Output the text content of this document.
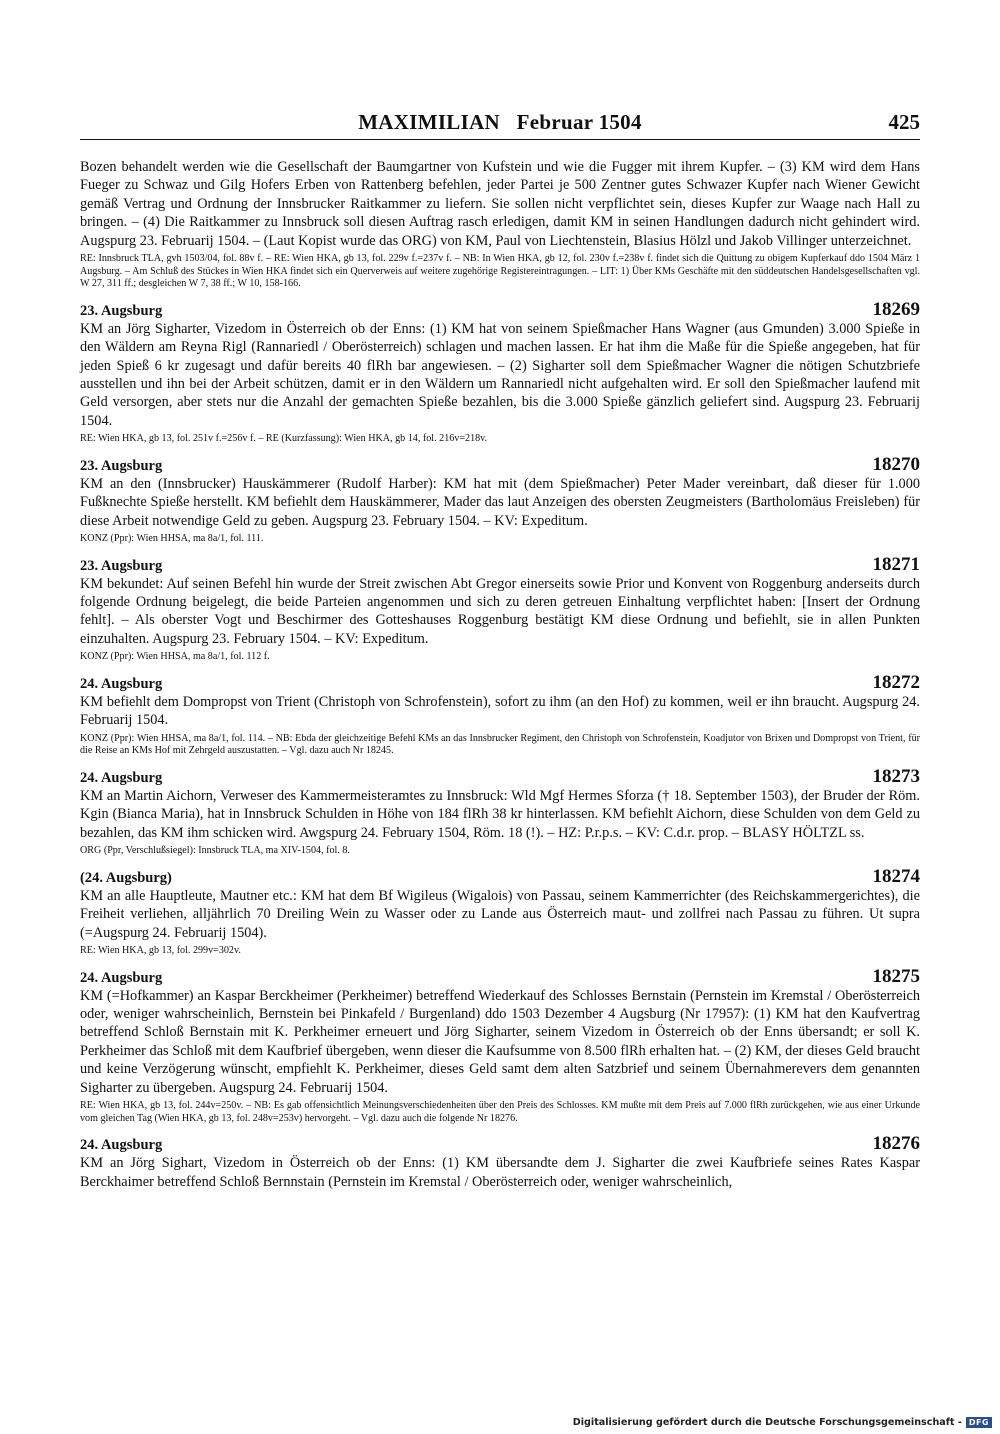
MAXIMILIAN   Februar 1504	425

Bozen behandelt werden wie die Gesellschaft der Baumgartner von Kufstein und wie die Fugger mit ihrem Kupfer. – (3) KM wird dem Hans Fueger zu Schwaz und Gilg Hofers Erben von Rattenberg befehlen, jeder Partei je 500 Zentner gutes Schwazer Kupfer nach Wiener Gewicht gemäß Vertrag und Ordnung der Innsbrucker Raitkammer zu liefern. Sie sollen nicht verpflichtet sein, dieses Kupfer zur Waage nach Hall zu bringen. – (4) Die Raitkammer zu Innsbruck soll diesen Auftrag rasch erledigen, damit KM in seinen Handlungen dadurch nicht gehindert wird. Augspurg 23. Februarij 1504. – (Laut Kopist wurde das ORG) von KM, Paul von Liechtenstein, Blasius Hölzl und Jakob Villinger unterzeichnet.

RE: Innsbruck TLA, gvh 1503/04, fol. 88v f. – RE: Wien HKA, gb 13, fol. 229v f.=237v f. – NB: In Wien HKA, gb 12, fol. 230v f.=238v f. findet sich die Quittung zu obigem Kupferkauf ddo 1504 März 1 Augsburg. – Am Schluß des Stückes in Wien HKA findet sich ein Querverweis auf weitere zugehörige Registereintragungen. – LIT: 1) Über KMs Geschäfte mit den süddeutschen Handelsgesellschaften vgl. W 27, 311 ff.; desgleichen W 7, 38 ff.; W 10, 158-166.

23. Augsburg	18269

KM an Jörg Sigharter, Vizedom in Österreich ob der Enns: (1) KM hat von seinem Spießmacher Hans Wagner (aus Gmunden) 3.000 Spieße in den Wäldern am Reyna Rigl (Rannariedl / Oberösterreich) schlagen und machen lassen. Er hat ihm die Maße für die Spieße angegeben, hat für jeden Spieß 6 kr zugesagt und dafür bereits 40 flRh bar angewiesen. – (2) Sigharter soll dem Spießmacher Wagner die nötigen Schutzbriefe ausstellen und ihn bei der Arbeit schützen, damit er in den Wäldern um Rannariedl nicht aufgehalten wird. Er soll den Spießmacher laufend mit Geld versorgen, aber stets nur die Anzahl der gemachten Spieße bezahlen, bis die 3.000 Spieße gänzlich geliefert sind. Augspurg 23. Februarij 1504.

RE: Wien HKA, gb 13, fol. 251v f.=256v f. – RE (Kurzfassung): Wien HKA, gb 14, fol. 216v=218v.

23. Augsburg	18270

KM an den (Innsbrucker) Hauskämmerer (Rudolf Harber): KM hat mit (dem Spießmacher) Peter Mader vereinbart, daß dieser für 1.000 Fußknechte Spieße herstellt. KM befiehlt dem Hauskämmerer, Mader das laut Anzeigen des obersten Zeugmeisters (Bartholomäus Freisleben) für diese Arbeit notwendige Geld zu geben. Augspurg 23. February 1504. – KV: Expeditum.

KONZ (Ppr): Wien HHSA, ma 8a/1, fol. 111.

23. Augsburg	18271

KM bekundet: Auf seinen Befehl hin wurde der Streit zwischen Abt Gregor einerseits sowie Prior und Konvent von Roggenburg anderseits durch folgende Ordnung beigelegt, die beide Parteien angenommen und sich zu deren getreuen Einhaltung verpflichtet haben: [Insert der Ordnung fehlt]. – Als oberster Vogt und Beschirmer des Gotteshauses Roggenburg bestätigt KM diese Ordnung und befiehlt, sie in allen Punkten einzuhalten. Augspurg 23. February 1504. – KV: Expeditum.

KONZ (Ppr): Wien HHSA, ma 8a/1, fol. 112 f.

24. Augsburg	18272

KM befiehlt dem Dompropst von Trient (Christoph von Schrofenstein), sofort zu ihm (an den Hof) zu kommen, weil er ihn braucht. Augspurg 24. Februarij 1504.

KONZ (Ppr): Wien HHSA, ma 8a/1, fol. 114. – NB: Ebda der gleichzeitige Befehl KMs an das Innsbrucker Regiment, den Christoph von Schrofenstein, Koadjutor von Brixen und Dompropst von Trient, für die Reise an KMs Hof mit Zehrgeld auszustatten. – Vgl. dazu auch Nr 18245.

24. Augsburg	18273

KM an Martin Aichorn, Verweser des Kammermeisteramtes zu Innsbruck: Wld Mgf Hermes Sforza († 18. September 1503), der Bruder der Röm. Kgin (Bianca Maria), hat in Innsbruck Schulden in Höhe von 184 flRh 38 kr hinterlassen. KM befiehlt Aichorn, diese Schulden von dem Geld zu bezahlen, das KM ihm schicken wird. Awgspurg 24. February 1504, Röm. 18 (!). – HZ: P.r.p.s. – KV: C.d.r. prop. – BLASY HÖLTZL ss.

ORG (Ppr, Verschlußsiegel): Innsbruck TLA, ma XIV-1504, fol. 8.

(24. Augsburg)	18274

KM an alle Hauptleute, Mautner etc.: KM hat dem Bf Wigileus (Wigalois) von Passau, seinem Kammerrichter (des Reichskammergerichtes), die Freiheit verliehen, alljährlich 70 Dreiling Wein zu Wasser oder zu Lande aus Österreich maut- und zollfrei nach Passau zu führen. Ut supra (=Augspurg 24. Februarij 1504).

RE: Wien HKA, gb 13, fol. 299v=302v.

24. Augsburg	18275

KM (=Hofkammer) an Kaspar Berckheimer (Perkheimer) betreffend Wiederkauf des Schlosses Bernstain (Pernstein im Kremstal / Oberösterreich oder, weniger wahrscheinlich, Bernstein bei Pinkafeld / Burgenland) ddo 1503 Dezember 4 Augsburg (Nr 17957): (1) KM hat den Kaufvertrag betreffend Schloß Bernstain mit K. Perkheimer erneuert und Jörg Sigharter, seinem Vizedom in Österreich ob der Enns übersandt; er soll K. Perkheimer das Schloß mit dem Kaufbrief übergeben, wenn dieser die Kaufsumme von 8.500 flRh erhalten hat. – (2) KM, der dieses Geld braucht und keine Verzögerung wünscht, empfiehlt K. Perkheimer, dieses Geld samt dem alten Satzbrief und seinem Übernahmerevers dem genannten Sigharter zu übergeben. Augspurg 24. Februarij 1504.

RE: Wien HKA, gb 13, fol. 244v=250v. – NB: Es gab offensichtlich Meinungsverschiedenheiten über den Preis des Schlosses. KM mußte mit dem Preis auf 7.000 flRh zurückgehen, wie aus einer Urkunde vom gleichen Tag (Wien HKA, gb 13, fol. 248v=253v) hervorgeht. – Vgl. dazu auch die folgende Nr 18276.

24. Augsburg	18276

KM an Jörg Sighart, Vizedom in Österreich ob der Enns: (1) KM übersandte dem J. Sigharter die zwei Kaufbriefe seines Rates Kaspar Berckhaimer betreffend Schloß Bernnstain (Pernstein im Kremstal / Oberösterreich oder, weniger wahrscheinlich,

Digitalisierung gefördert durch die Deutsche Forschungsgemeinschaft - DFG
